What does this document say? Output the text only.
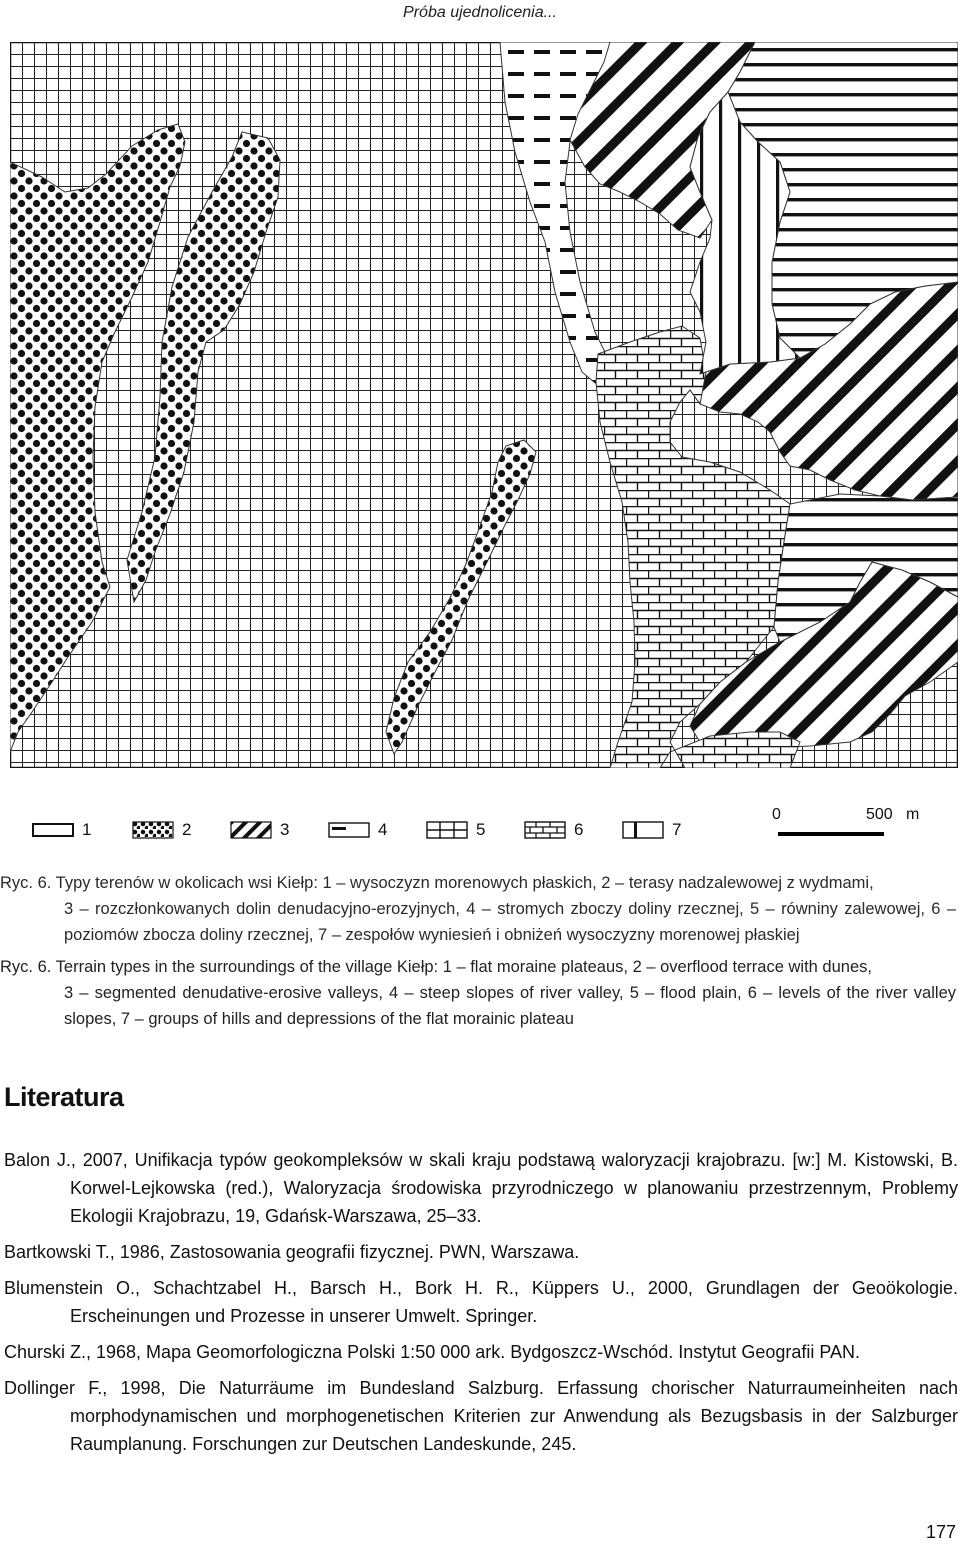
Próba ujednolicenia...
1	2	3	4	5	6	7
0	500 m
Ryc. 6. Typy terenów w okolicach wsi Kiełp: 1 – wysoczyzn morenowych płaskich, 2 – terasy nadzalewowej z wydmami,
3 – rozczłonkowanych dolin denudacyjno-erozyjnych, 4 – stromych zboczy doliny rzecznej, 5 – równiny zalewowej, 6 – poziomów zbocza doliny rzecznej, 7 – zespołów wyniesień i obniżeń wysoczyzny morenowej płaskiej
Ryc. 6. Terrain types in the surroundings of the village Kiełp: 1 – flat moraine plateaus, 2 – overflood terrace with dunes,
3 – segmented denudative-erosive valleys, 4 – steep slopes of river valley, 5 – flood plain, 6 – levels of the river valley slopes, 7 – groups of hills and depressions of the flat morainic plateau
Literatura

Balon J., 2007, Unifikacja typów geokompleksów w skali kraju podstawą waloryzacji krajobrazu. [w:] M. Kistowski, B. Korwel-Lejkowska (red.), Waloryzacja środowiska przyrodniczego w planowaniu przestrzennym, Problemy Ekologii Krajobrazu, 19, Gdańsk-Warszawa, 25–33.

Bartkowski T., 1986, Zastosowania geografii fizycznej. PWN, Warszawa.

Blumenstein O., Schachtzabel H., Barsch H., Bork H. R., Küppers U., 2000, Grundlagen der Geoökologie. Erscheinungen und Prozesse in unserer Umwelt. Springer.

Churski Z., 1968, Mapa Geomorfologiczna Polski 1:50 000 ark. Bydgoszcz-Wschód. Instytut Geografii PAN.

Dollinger F., 1998, Die Naturräume im Bundesland Salzburg. Erfassung chorischer Naturraumeinheiten nach morphodynamischen und morphogenetischen Kriterien zur Anwendung als Bezugsbasis in der Salzburger Raumplanung. Forschungen zur Deutschen Landeskunde, 245.

177
